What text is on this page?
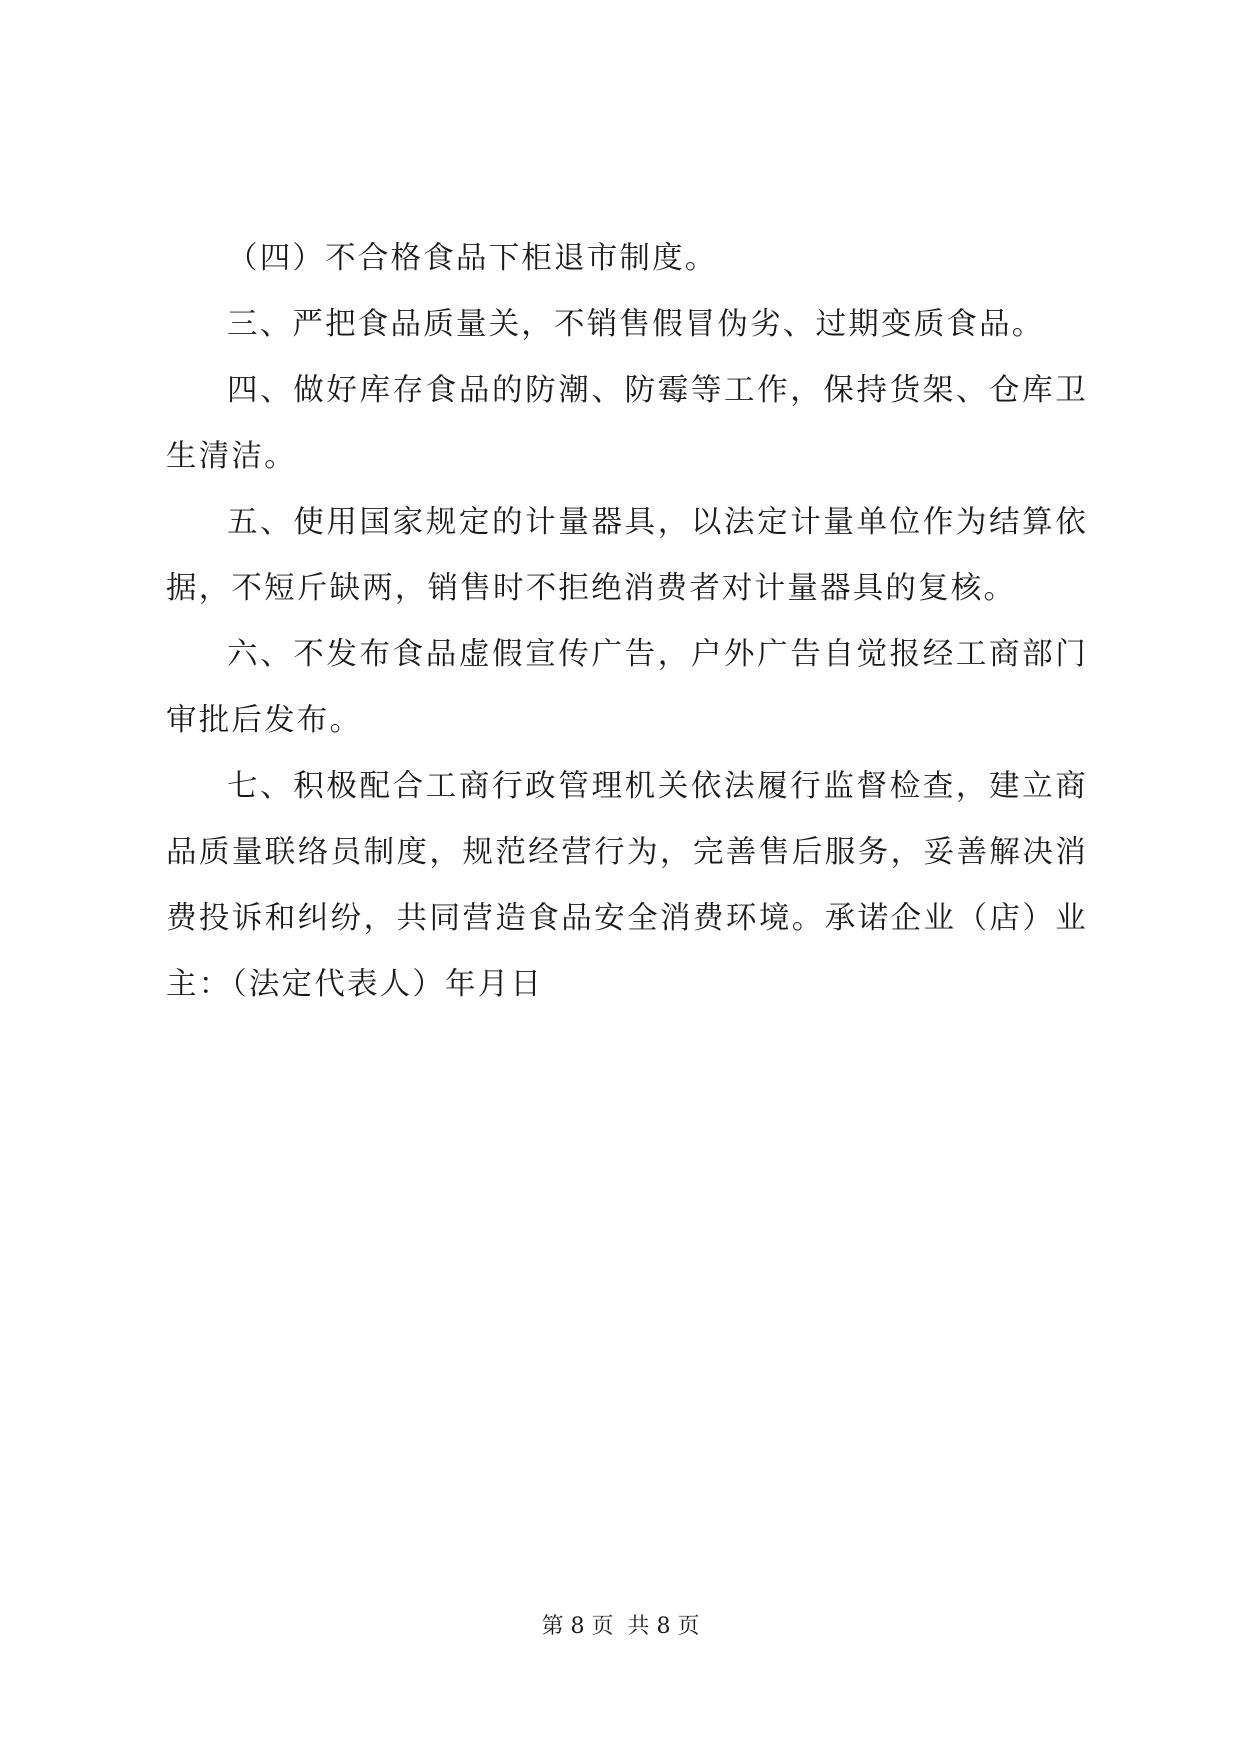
（四）不合格食品下柜退市制度。

三、严把食品质量关，不销售假冒伪劣、过期变质食品。

四、做好库存食品的防潮、防霉等工作，保持货架、仓库卫生清洁。

五、使用国家规定的计量器具，以法定计量单位作为结算依据，不短斤缺两，销售时不拒绝消费者对计量器具的复核。

六、不发布食品虚假宣传广告，户外广告自觉报经工商部门审批后发布。

七、积极配合工商行政管理机关依法履行监督检查，建立商品质量联络员制度，规范经营行为，完善售后服务，妥善解决消费投诉和纠纷，共同营造食品安全消费环境。承诺企业（店）业主：（法定代表人）年月日

第 8 页 共 8 页
